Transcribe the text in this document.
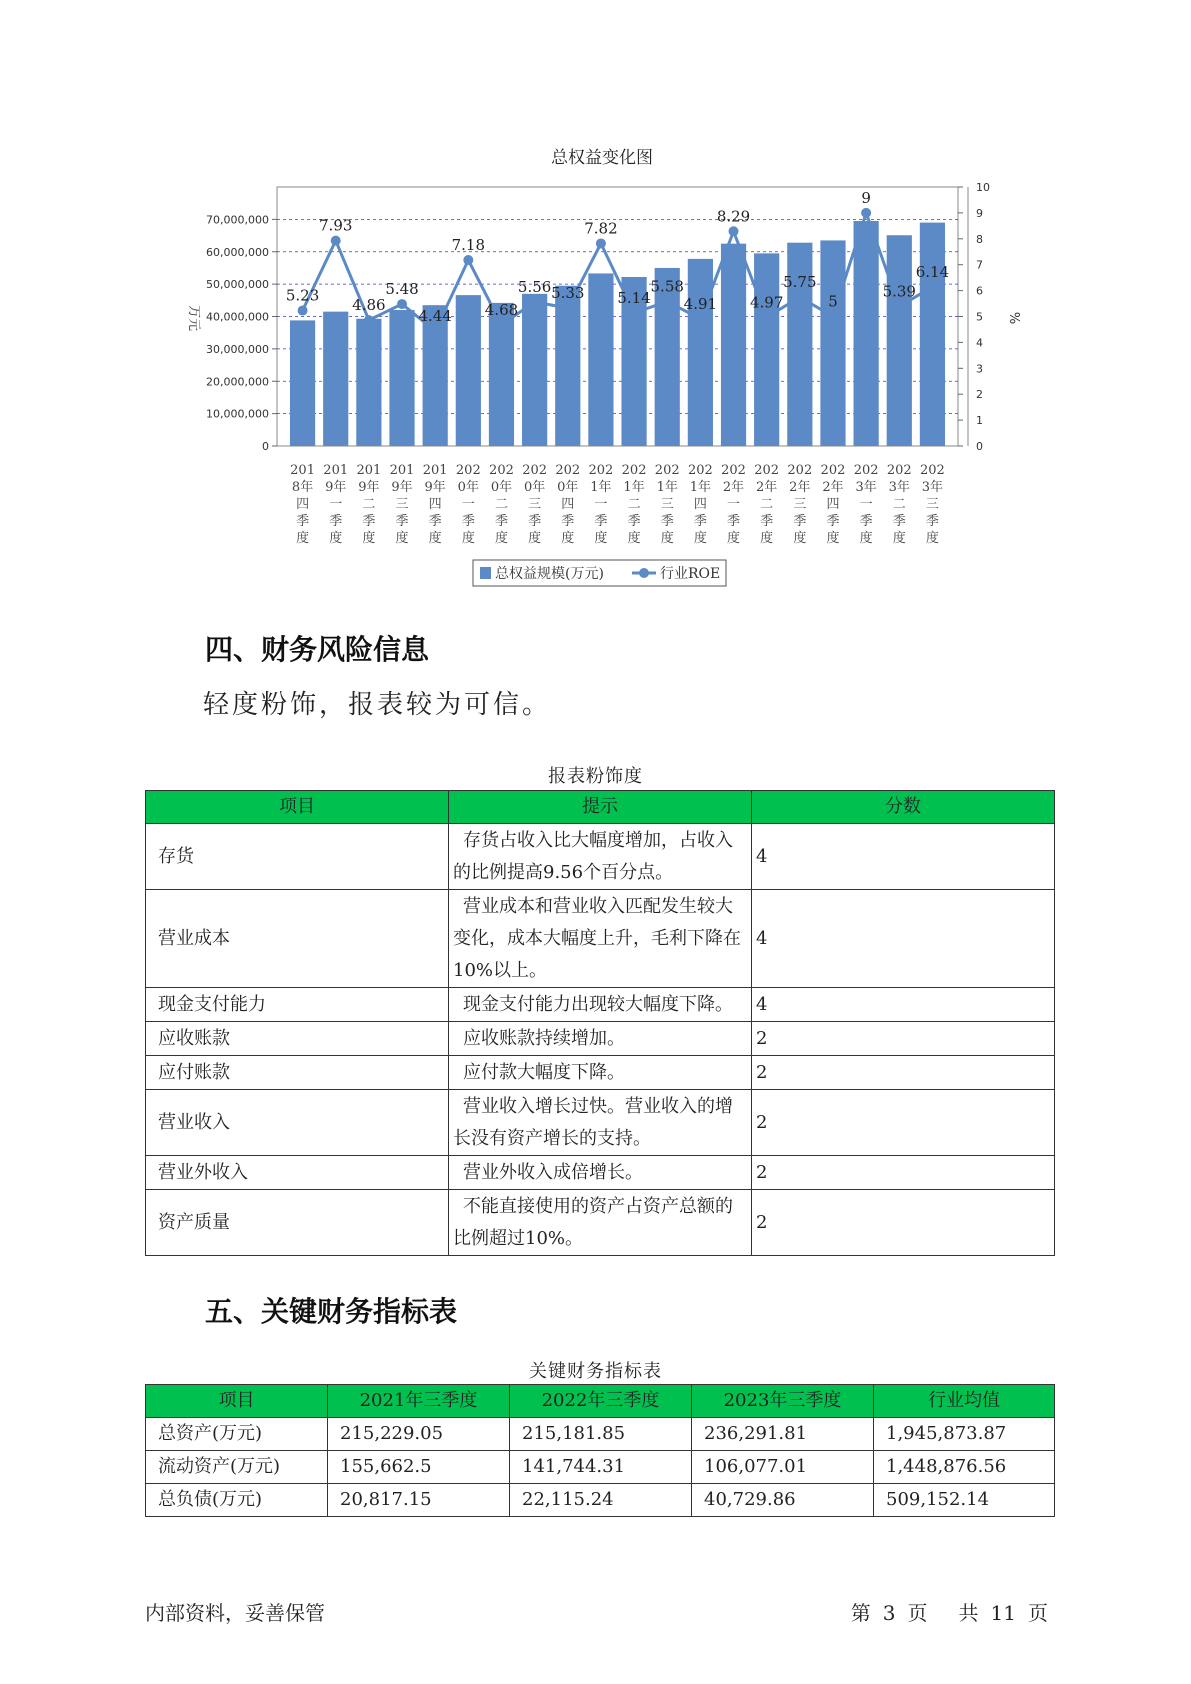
总权益变化图
0
10,000,000
20,000,000
30,000,000
40,000,000
50,000,000
60,000,000
70,000,000
0
1
2
3
4
5
6
7
8
9
10
万元	%
5.23
7.93
4.86
5.48
4.44
7.18
4.68
5.56 5.33
7.82
5.14
5.58
4.91
8.29
4.97
5.75
5
9
5.39
6.14
201 8年四季度
201 9年一季度
201 9年二季度
201 9年三季度
201 9年四季度
202 0年一季度
202 0年二季度
202 0年三季度
202 0年四季度
202 1年一季度
202 1年二季度
202 1年三季度
202 1年四季度
202 2年一季度
202 2年二季度
202 2年三季度
202 2年四季度
202 3年一季度
202 3年二季度
202 3年三季度
总权益规模(万元)	行业ROE
四、财务风险信息
轻度粉饰，报表较为可信。
报表粉饰度
项目	提示	分数
存货	存货占收入比大幅度增加，占收入的比例提高9.56个百分点。	4
营业成本	营业成本和营业收入匹配发生较大变化，成本大幅度上升，毛利下降在10%以上。	4
现金支付能力	现金支付能力出现较大幅度下降。	4
应收账款	应收账款持续增加。	2
应付账款	应付款大幅度下降。	2
营业收入	营业收入增长过快。营业收入的增长没有资产增长的支持。	2
营业外收入	营业外收入成倍增长。	2
资产质量	不能直接使用的资产占资产总额的比例超过10%。	2
五、关键财务指标表
关键财务指标表
项目	2021年三季度	2022年三季度	2023年三季度	行业均值
总资产(万元)	215,229.05	215,181.85	236,291.81	1,945,873.87
流动资产(万元)	155,662.5	141,744.31	106,077.01	1,448,876.56
总负债(万元)	20,817.15	22,115.24	40,729.86	509,152.14
内部资料，妥善保管	第 3 页 共 11 页
